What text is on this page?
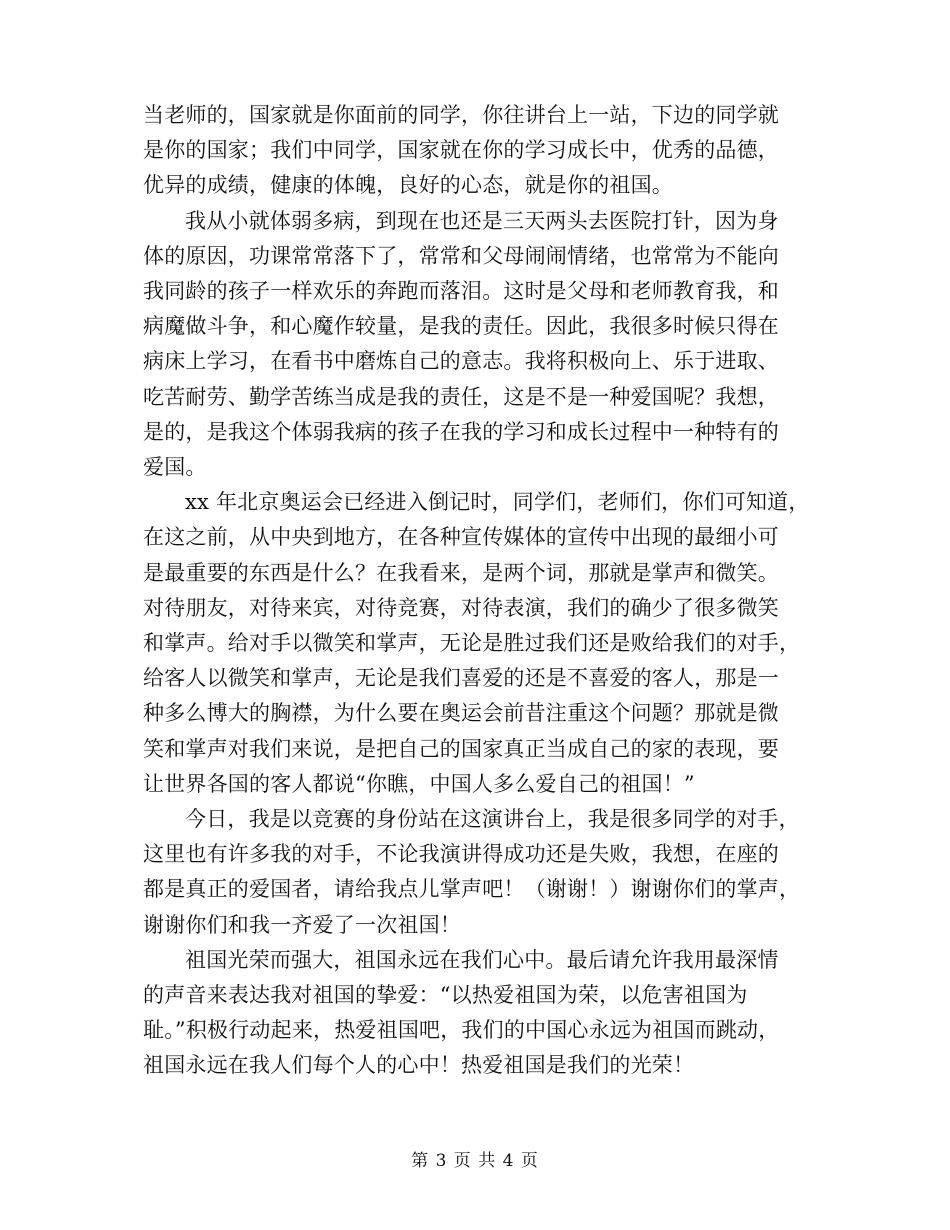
当老师的，国家就是你面前的同学，你往讲台上一站，下边的同学就
是你的国家；我们中同学，国家就在你的学习成长中，优秀的品德，
优异的成绩，健康的体魄，良好的心态，就是你的祖国。

我从小就体弱多病，到现在也还是三天两头去医院打针，因为身
体的原因，功课常常落下了，常常和父母闹闹情绪，也常常为不能向
我同龄的孩子一样欢乐的奔跑而落泪。这时是父母和老师教育我，和
病魔做斗争，和心魔作较量，是我的责任。因此，我很多时候只得在
病床上学习，在看书中磨炼自己的意志。我将积极向上、乐于进取、
吃苦耐劳、勤学苦练当成是我的责任，这是不是一种爱国呢？我想，
是的，是我这个体弱我病的孩子在我的学习和成长过程中一种特有的
爱国。

xx 年北京奥运会已经进入倒记时，同学们，老师们，你们可知道，
在这之前，从中央到地方，在各种宣传媒体的宣传中出现的最细小可
是最重要的东西是什么？在我看来，是两个词，那就是掌声和微笑。
对待朋友，对待来宾，对待竞赛，对待表演，我们的确少了很多微笑
和掌声。给对手以微笑和掌声，无论是胜过我们还是败给我们的对手，
给客人以微笑和掌声，无论是我们喜爱的还是不喜爱的客人，那是一
种多么博大的胸襟，为什么要在奥运会前昔注重这个问题？那就是微
笑和掌声对我们来说，是把自己的国家真正当成自己的家的表现，要
让世界各国的客人都说“你瞧，中国人多么爱自己的祖国！”

今日，我是以竞赛的身份站在这演讲台上，我是很多同学的对手，
这里也有许多我的对手，不论我演讲得成功还是失败，我想，在座的
都是真正的爱国者，请给我点儿掌声吧！（谢谢！）谢谢你们的掌声，
谢谢你们和我一齐爱了一次祖国！

祖国光荣而强大，祖国永远在我们心中。最后请允许我用最深情
的声音来表达我对祖国的挚爱：“以热爱祖国为荣，以危害祖国为
耻。”积极行动起来，热爱祖国吧，我们的中国心永远为祖国而跳动，
祖国永远在我人们每个人的心中！热爱祖国是我们的光荣！

第 3 页 共 4 页
